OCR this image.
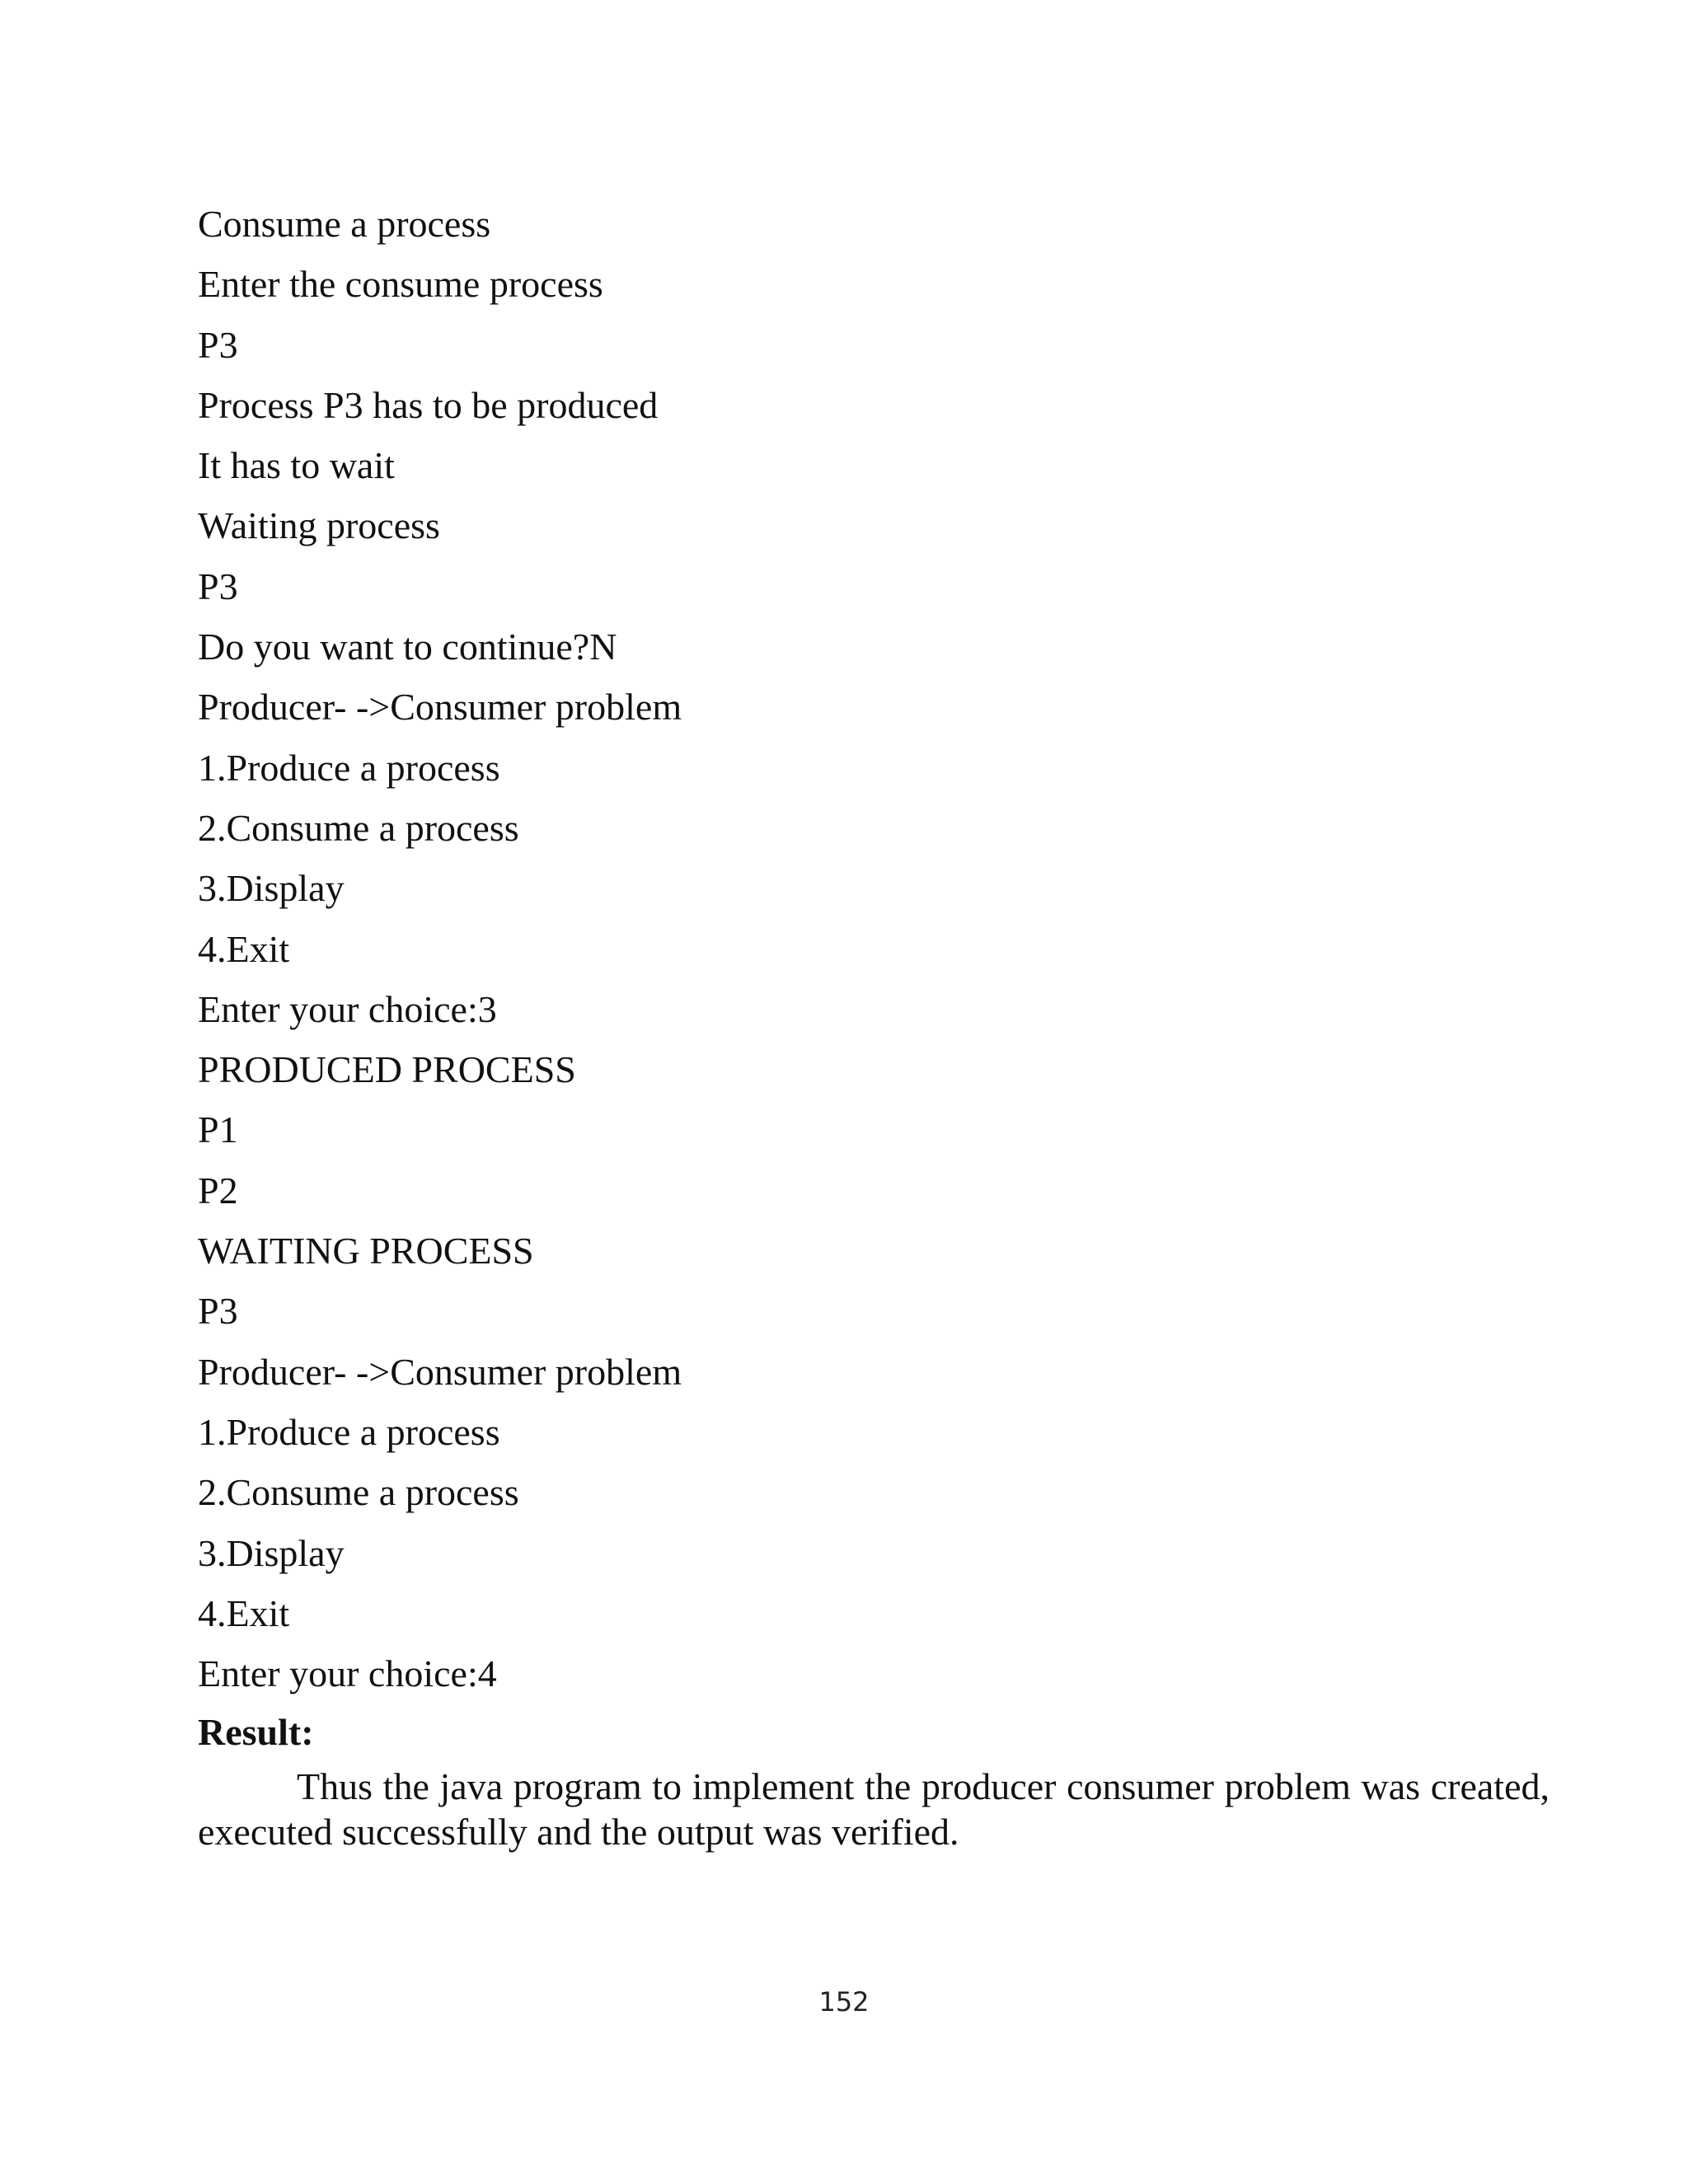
Consume a process
Enter the consume process
P3
Process P3 has to be produced
It has to wait
Waiting process
P3
Do you want to continue?N
Producer- ->Consumer problem
1.Produce a process
2.Consume a process
3.Display
4.Exit
Enter your choice:3
PRODUCED PROCESS
P1
P2
WAITING PROCESS
P3
Producer- ->Consumer problem
1.Produce a process
2.Consume a process
3.Display
4.Exit
Enter your choice:4
Result:

Thus the java program to implement the producer consumer problem was created, executed successfully and the output was verified.

152
